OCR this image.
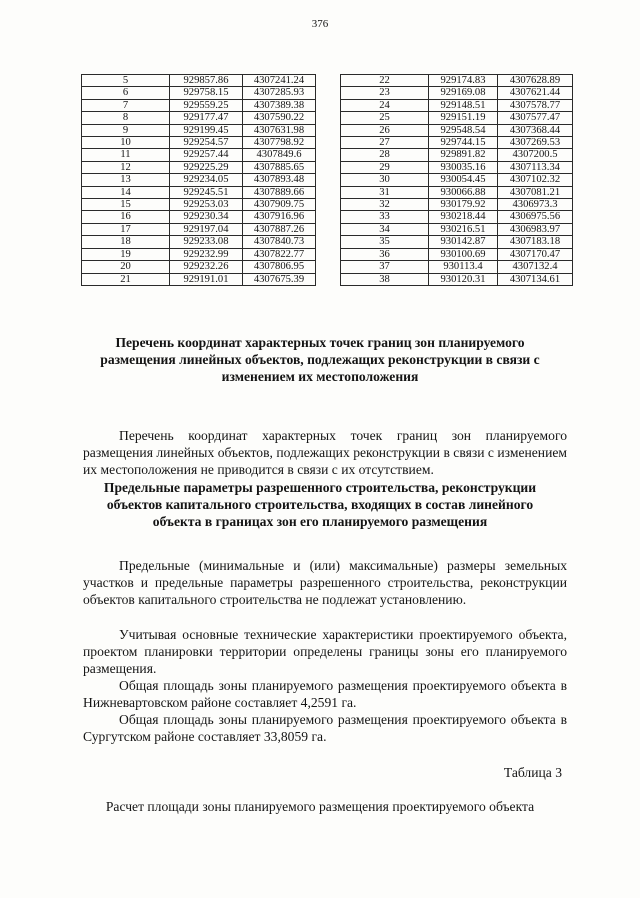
376
5	929857.86	4307241.24
6	929758.15	4307285.93
7	929559.25	4307389.38
8	929177.47	4307590.22
9	929199.45	4307631.98
10	929254.57	4307798.92
11	929257.44	4307849.6
12	929225.29	4307885.65
13	929234.05	4307893.48
14	929245.51	4307889.66
15	929253.03	4307909.75
16	929230.34	4307916.96
17	929197.04	4307887.26
18	929233.08	4307840.73
19	929232.99	4307822.77
20	929232.26	4307806.95
21	929191.01	4307675.39
22	929174.83	4307628.89
23	929169.08	4307621.44
24	929148.51	4307578.77
25	929151.19	4307577.47
26	929548.54	4307368.44
27	929744.15	4307269.53
28	929891.82	4307200.5
29	930035.16	4307113.34
30	930054.45	4307102.32
31	930066.88	4307081.21
32	930179.92	4306973.3
33	930218.44	4306975.56
34	930216.51	4306983.97
35	930142.87	4307183.18
36	930100.69	4307170.47
37	930113.4	4307132.4
38	930120.31	4307134.61
Перечень координат характерных точек границ зон планируемого размещения линейных объектов, подлежащих реконструкции в связи с изменением их местоположения
Перечень координат характерных точек границ зон планируемого размещения линейных объектов, подлежащих реконструкции в связи с изменением их местоположения не приводится в связи с их отсутствием.
Предельные параметры разрешенного строительства, реконструкции объектов капитального строительства, входящих в состав линейного объекта в границах зон его планируемого размещения
Предельные (минимальные и (или) максимальные) размеры земельных участков и предельные параметры разрешенного строительства, реконструкции объектов капитального строительства не подлежат установлению.
Учитывая основные технические характеристики проектируемого объекта, проектом планировки территории определены границы зоны его планируемого размещения.
Общая площадь зоны планируемого размещения проектируемого объекта в Нижневартовском районе составляет 4,2591 га.
Общая площадь зоны планируемого размещения проектируемого объекта в Сургутском районе составляет 33,8059 га.
Таблица 3
Расчет площади зоны планируемого размещения проектируемого объекта
